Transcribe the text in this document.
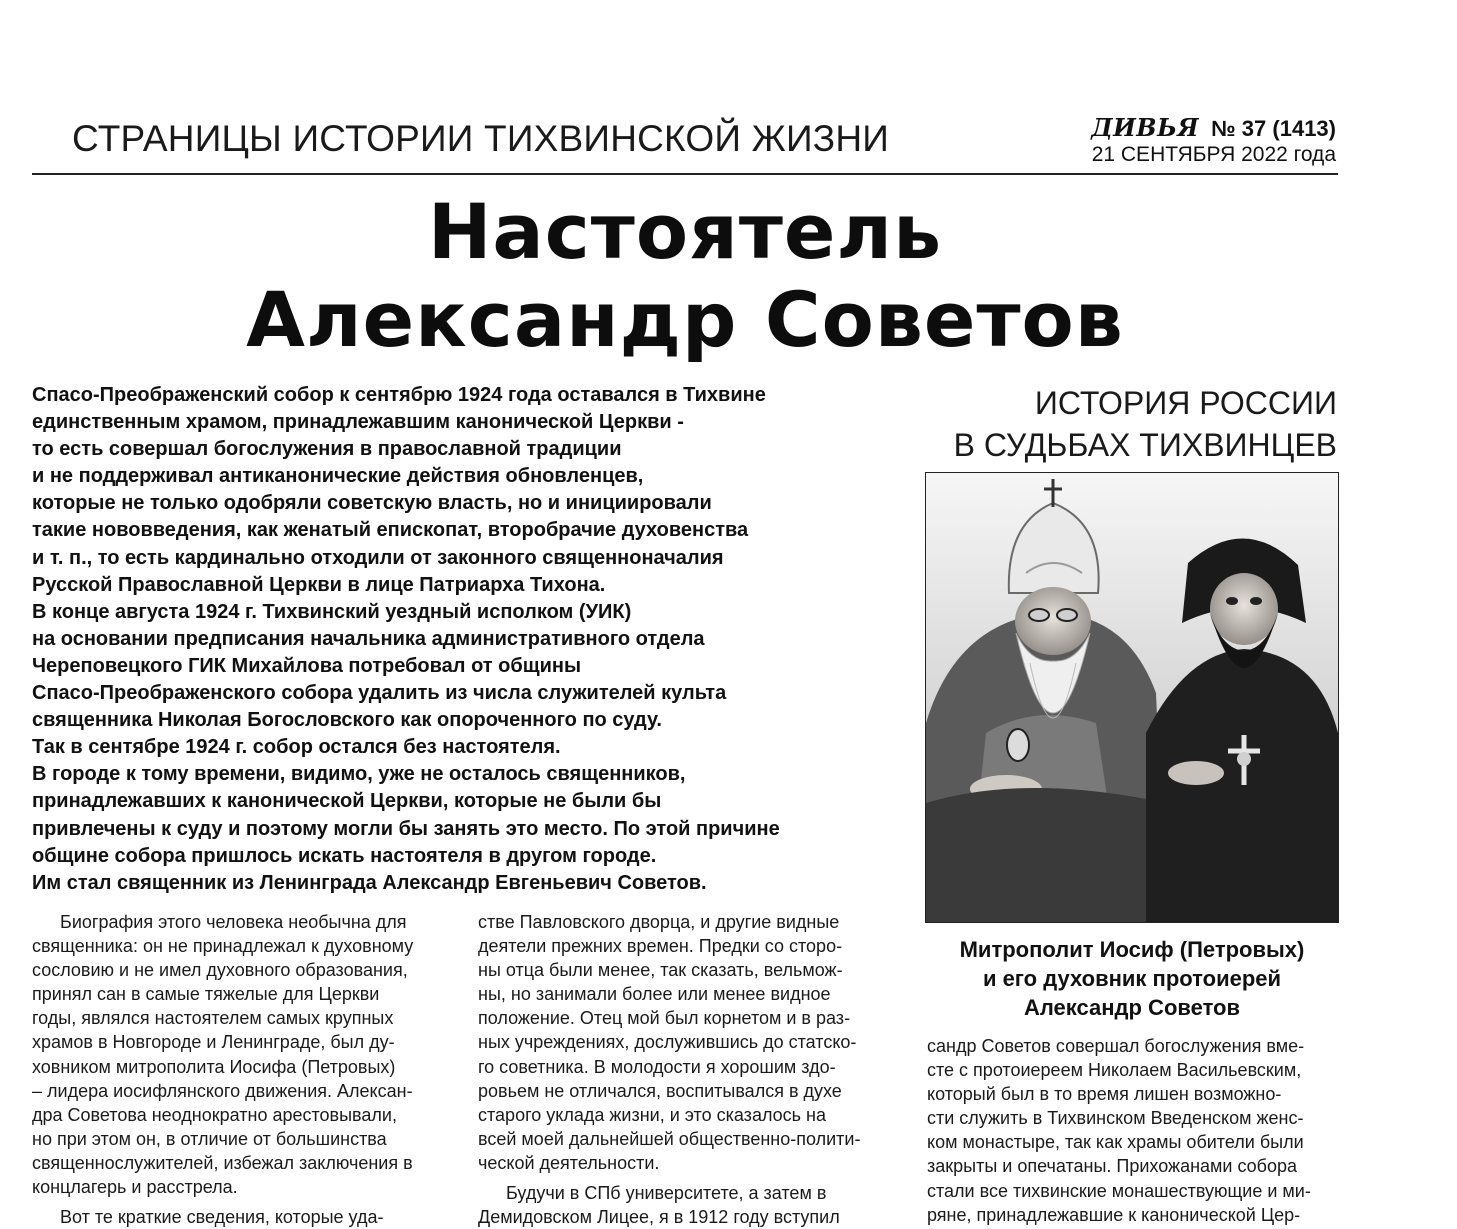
СТРАНИЦЫ ИСТОРИИ ТИХВИНСКОЙ ЖИЗНИ	ДИВЬЯ № 37 (1413)
21 СЕНТЯБРЯ 2022 года
Настоятель
Александр Советов

Спасо-Преображенский собор к сентябрю 1924 года оставался в Тихвине

единственным храмом, принадлежавшим канонической Церкви -

то есть совершал богослужения в православной традиции

и не поддерживал антиканонические действия обновленцев,

которые не только одобряли советскую власть, но и инициировали

такие нововведения, как женатый епископат, второбрачие духовенства

и т. п., то есть кардинально отходили от законного священноначалия

Русской Православной Церкви в лице Патриарха Тихона.

В конце августа 1924 г. Тихвинский уездный исполком (УИК)

на основании предписания начальника административного отдела

Череповецкого ГИК Михайлова потребовал от общины

Спасо-Преображенского собора удалить из числа служителей культа

священника Николая Богословского как опороченного по суду.

Так в сентябре 1924 г. собор остался без настоятеля.

В городе к тому времени, видимо, уже не осталось священников,

принадлежавших к канонической Церкви, которые не были бы

привлечены к суду и поэтому могли бы занять это место. По этой причине

общине собора пришлось искать настоятеля в другом городе.

Им стал священник из Ленинграда Александр Евгеньевич Советов.

ИСТОРИЯ РОССИИ
В СУДЬБАХ ТИХВИНЦЕВ

Митрополит Иосиф (Петровых)

и его духовник протоиерей

Александр Советов

Биография этого человека необычна для

священника: он не принадлежал к духовному

сословию и не имел духовного образования,

принял сан в самые тяжелые для Церкви

годы, являлся настоятелем самых крупных

храмов в Новгороде и Ленинграде, был ду-

ховником митрополита Иосифа (Петровых)

– лидера иосифлянского движения. Алексан-

дра Советова неоднократно арестовывали,

но при этом он, в отличие от большинства

священнослужителей, избежал заключения в

концлагерь и расстрела.

Вот те краткие сведения, которые уда-

стве Павловского дворца, и другие видные

деятели прежних времен. Предки со сторо-

ны отца были менее, так сказать, вельмож-

ны, но занимали более или менее видное

положение. Отец мой был корнетом и в раз-

ных учреждениях, дослужившись до статско-

го советника. В молодости я хорошим здо-

ровьем не отличался, воспитывался в духе

старого уклада жизни, и это сказалось на

всей моей дальнейшей общественно-полити-

ческой деятельности.

Будучи в СПб университете, а затем в

Демидовском Лицее, я в 1912 году вступил

сандр Советов совершал богослужения вме-

сте с протоиереем Николаем Васильевским,

который был в то время лишен возможно-

сти служить в Тихвинском Введенском женс-

ком монастыре, так как храмы обители были

закрыты и опечатаны. Прихожанами собора

стали все тихвинские монашествующие и ми-

ряне, принадлежавшие к канонической Цер-
